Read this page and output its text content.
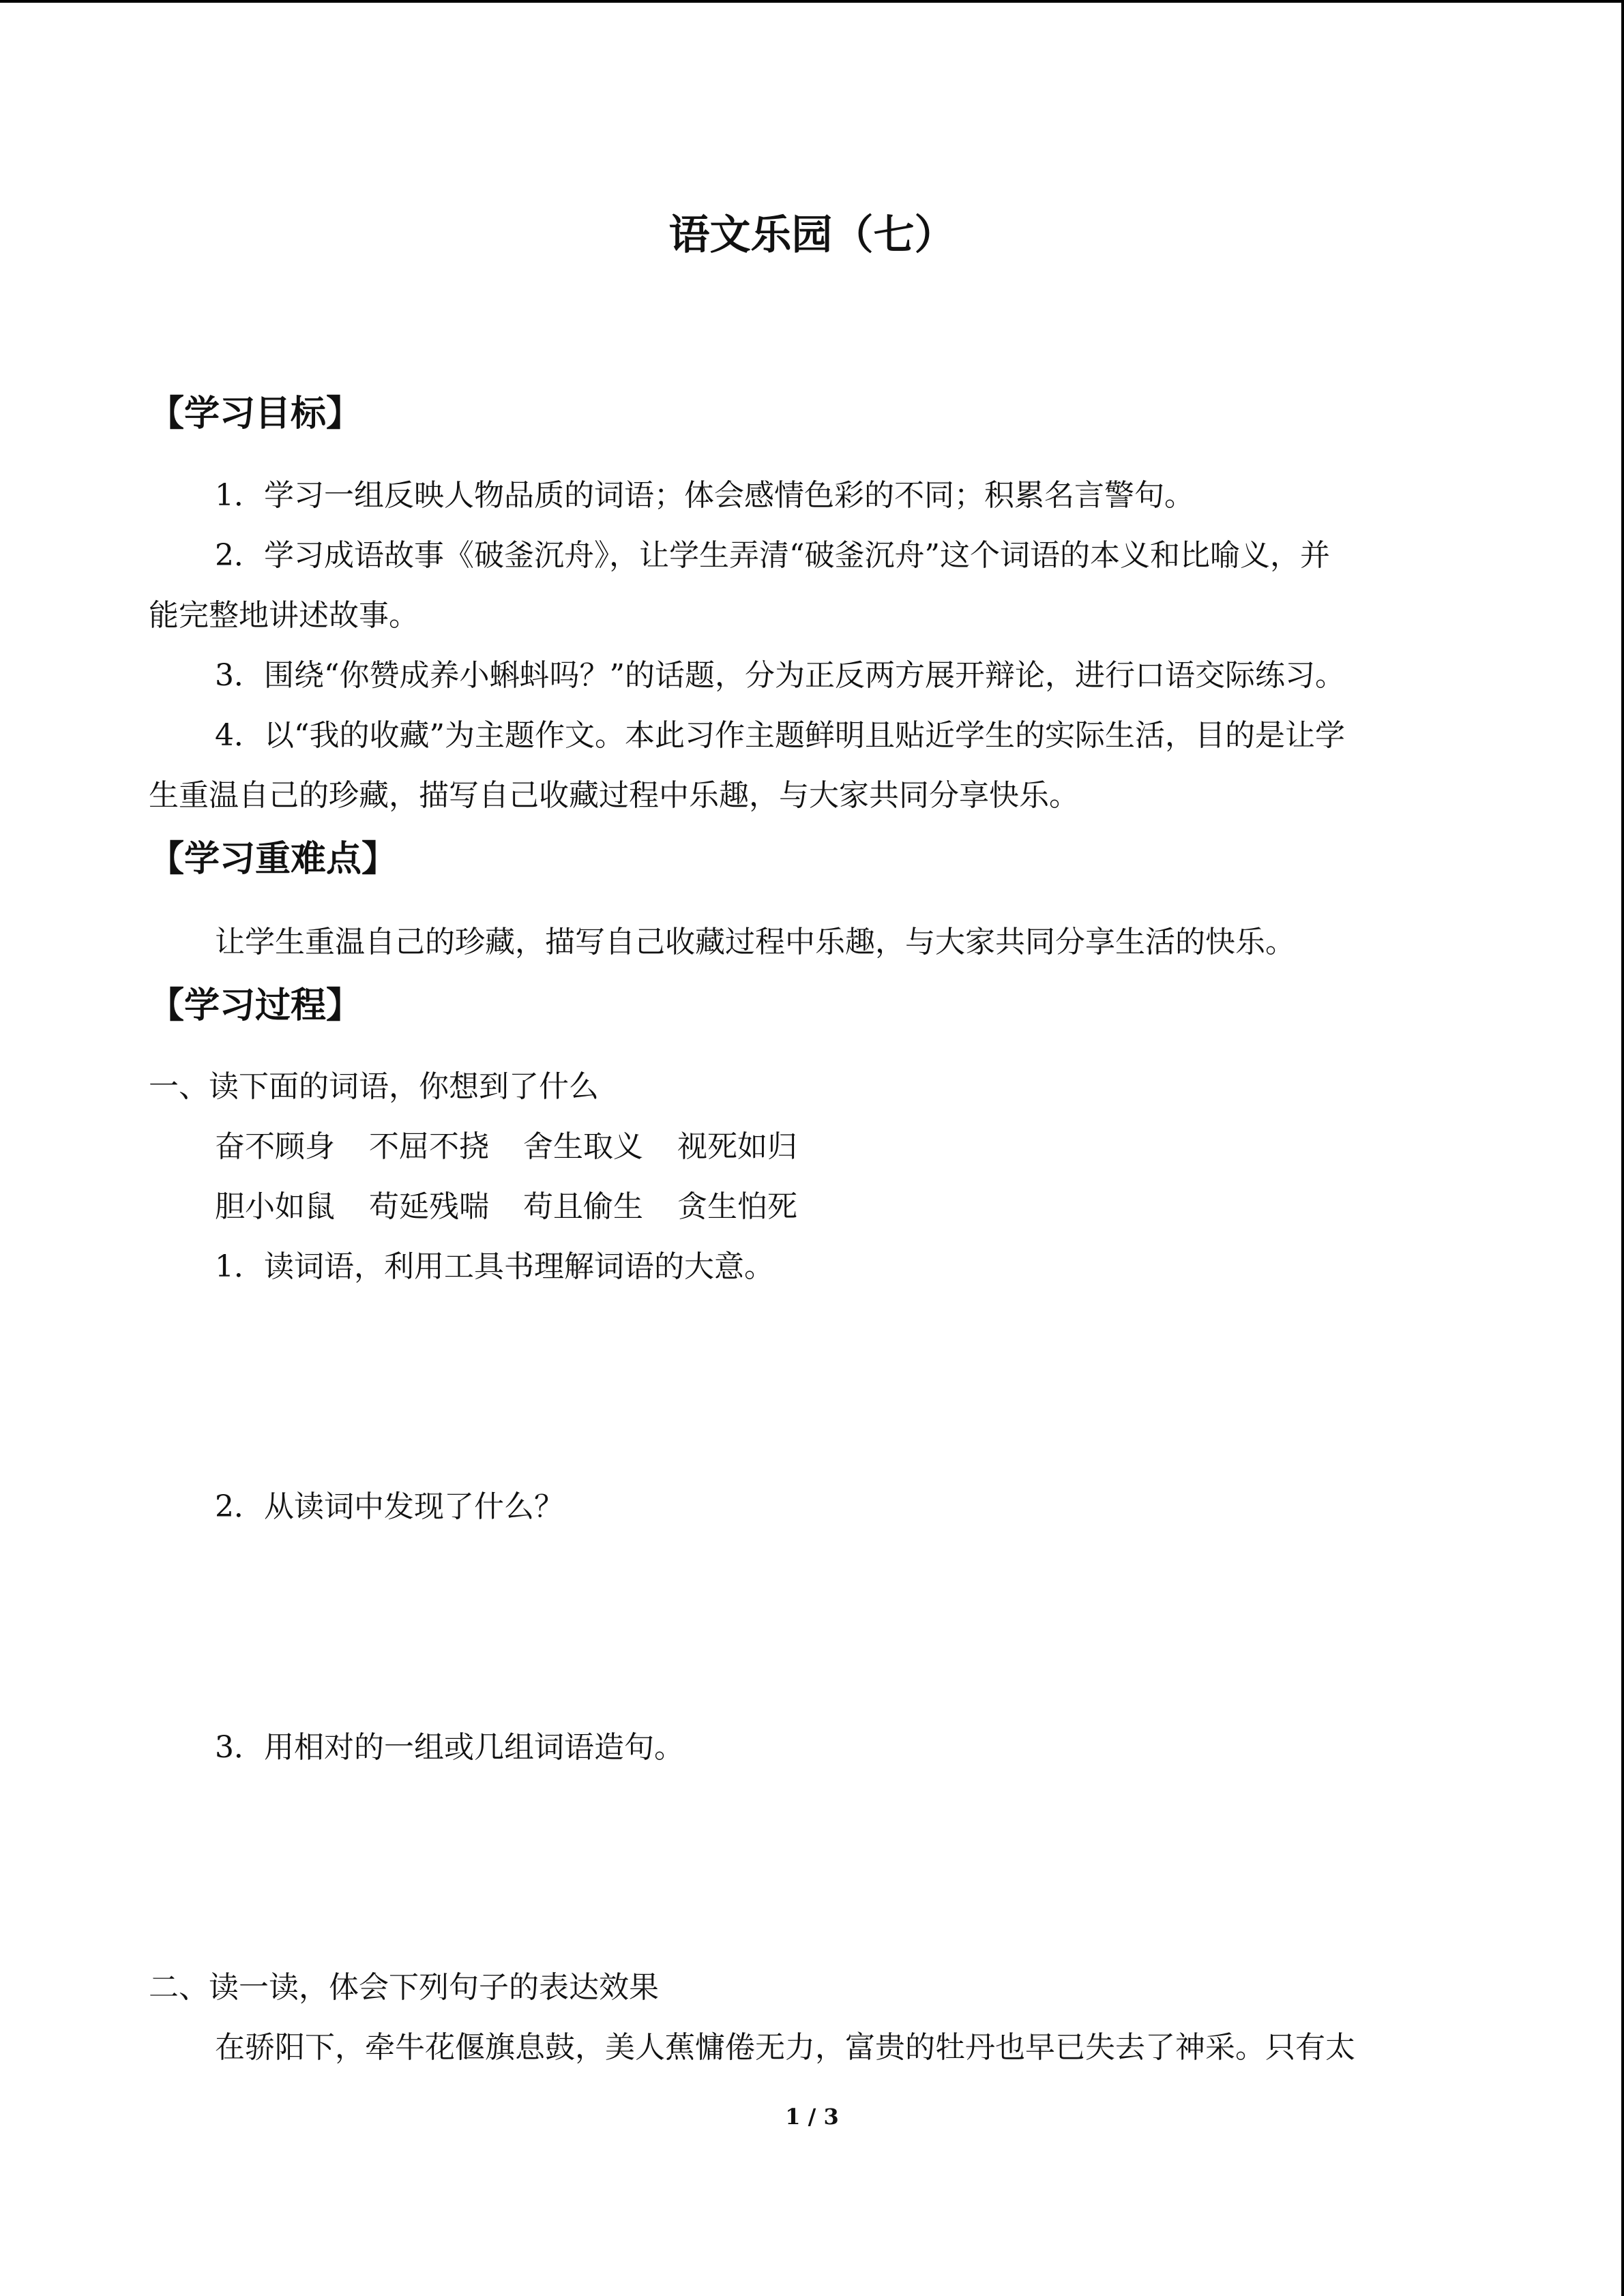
语文乐园（七）
【学习目标】
1．学习一组反映人物品质的词语；体会感情色彩的不同；积累名言警句。
2．学习成语故事《破釜沉舟》，让学生弄清“破釜沉舟”这个词语的本义和比喻义，并
能完整地讲述故事。
3．围绕“你赞成养小蝌蚪吗？”的话题，分为正反两方展开辩论，进行口语交际练习。
4．以“我的收藏”为主题作文。本此习作主题鲜明且贴近学生的实际生活，目的是让学
生重温自己的珍藏，描写自己收藏过程中乐趣，与大家共同分享快乐。
【学习重难点】
让学生重温自己的珍藏，描写自己收藏过程中乐趣，与大家共同分享生活的快乐。
【学习过程】
一、读下面的词语，你想到了什么
奋不顾身 不屈不挠 舍生取义 视死如归
胆小如鼠 苟延残喘 苟且偷生 贪生怕死
1．读词语，利用工具书理解词语的大意。
2．从读词中发现了什么？
3．用相对的一组或几组词语造句。
二、读一读，体会下列句子的表达效果
在骄阳下，牵牛花偃旗息鼓，美人蕉慵倦无力，富贵的牡丹也早已失去了神采。只有太
1 / 3
